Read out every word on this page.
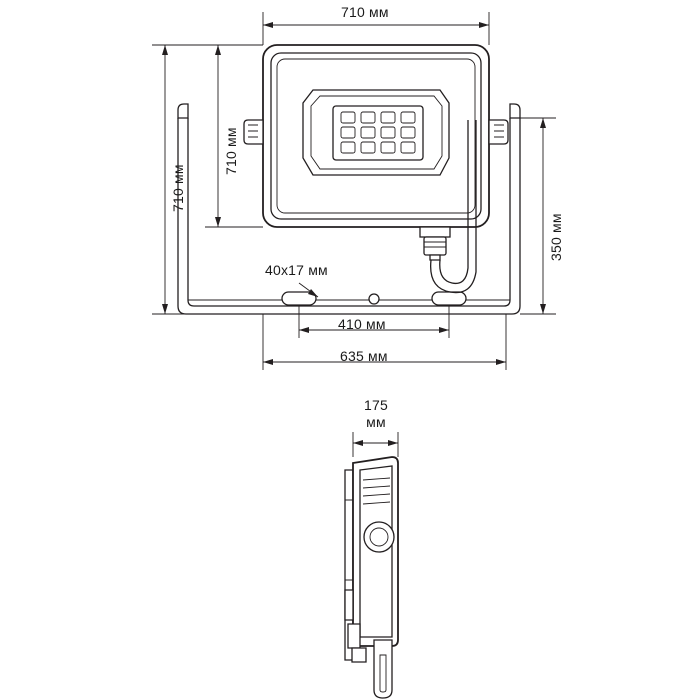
710 мм
710 мм
710 мм
350 мм
40x17 мм
410 мм
635 мм
175
мм
